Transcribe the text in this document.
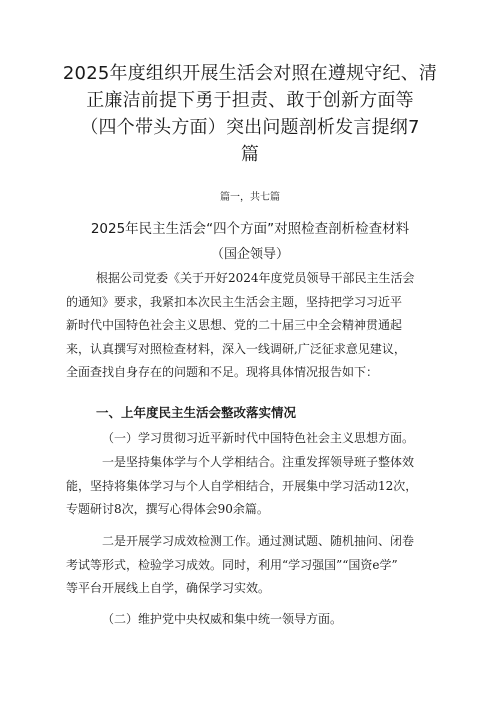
2025年度组织开展生活会对照在遵规守纪、清
正廉洁前提下勇于担责、敢于创新方面等
（四个带头方面）突出问题剖析发言提纲7
篇
篇一，共七篇
2025年民主生活会“四个方面”对照检查剖析检查材料
（国企领导）

根据公司党委《关于开好2024年度党员领导干部民主生活会
的通知》要求，我紧扣本次民主生活会主题，坚持把学习习近平
新时代中国特色社会主义思想、党的二十届三中全会精神贯通起
来，认真撰写对照检查材料，深入一线调研,广泛征求意见建议，
全面查找自身存在的问题和不足。现将具体情况报告如下：

一、上年度民主生活会整改落实情况

（一）学习贯彻习近平新时代中国特色社会主义思想方面。

一是坚持集体学与个人学相结合。注重发挥领导班子整体效
能，坚持将集体学习与个人自学相结合，开展集中学习活动12次，
专题研讨8次，撰写心得体会90余篇。

二是开展学习成效检测工作。通过测试题、随机抽问、闭卷
考试等形式，检验学习成效。同时，利用“学习强国”“国资e学”
等平台开展线上自学，确保学习实效。

（二）维护党中央权威和集中统一领导方面。
